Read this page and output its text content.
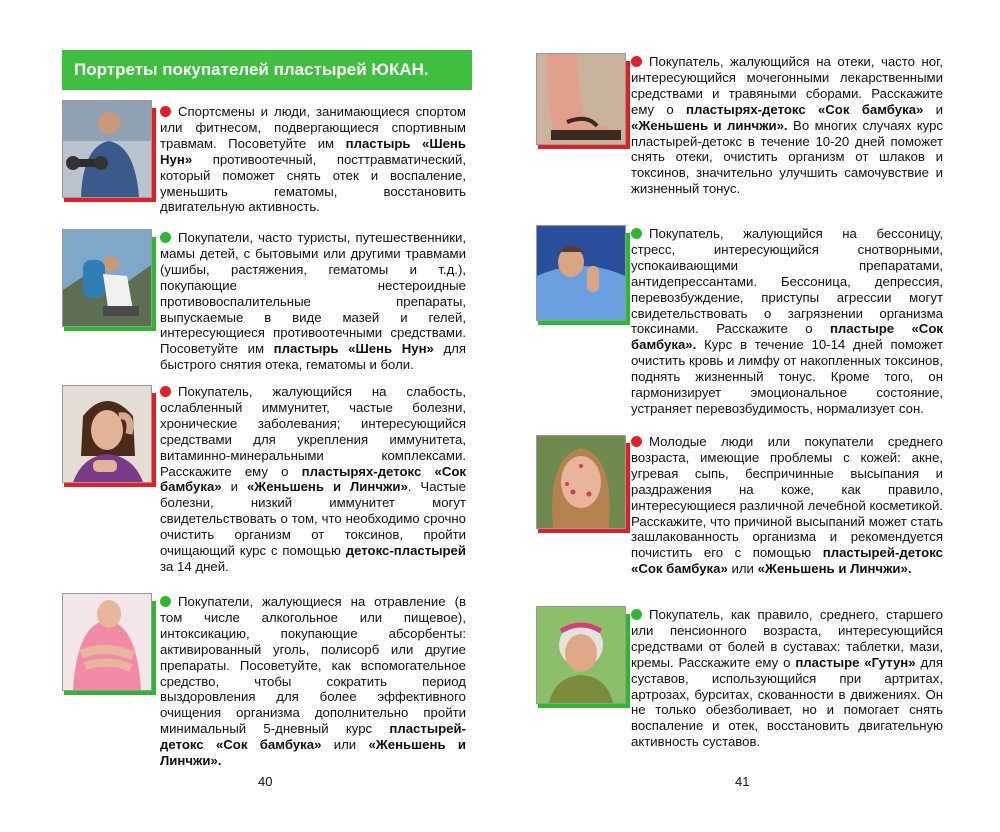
Портреты покупателей пластырей ЮКАН.
Спортсмены и люди, занимающиеся спортом или фитнесом, подвергающиеся спортивным травмам. Посоветуйте им пластырь «Шень Нун» противоотечный, посттравматический, который поможет снять отек и воспаление, уменьшить гематомы, восстановить двигательную активность.
Покупатели, часто туристы, путешественники, мамы детей, с бытовыми или другими травмами (ушибы, растяжения, гематомы и т.д.), покупающие нестероидные противовоспалительные препараты, выпускаемые в виде мазей и гелей, интересующиеся противоотечными средствами. Посоветуйте им пластырь «Шень Нун» для быстрого снятия отека, гематомы и боли.
Покупатель, жалующийся на слабость, ослабленный иммунитет, частые болезни, хронические заболевания; интересующийся средствами для укрепления иммунитета, витаминно-минеральными комплексами. Расскажите ему о пластырях-детокс «Сок бамбука» и «Женьшень и Линчжи». Частые болезни, низкий иммунитет могут свидетельствовать о том, что необходимо срочно очистить организм от токсинов, пройти очищающий курс с помощью детокс-пластырей за 14 дней.
Покупатели, жалующиеся на отравление (в том числе алкогольное или пищевое), интоксикацию, покупающие абсорбенты: активированный уголь, полисорб или другие препараты. Посоветуйте, как вспомогательное средство, чтобы сократить период выздоровления для более эффективного очищения организма дополнительно пройти минимальный 5-дневный курс пластырей-детокс «Сок бамбука» или «Женьшень и Линчжи».
40
Покупатель, жалующийся на отеки, часто ног, интересующийся мочегонными лекарственными средствами и травяными сборами. Расскажите ему о пластырях-детокс «Сок бамбука» и «Женьшень и линчжи». Во многих случаях курс пластырей-детокс в течение 10-20 дней поможет снять отеки, очистить организм от шлаков и токсинов, значительно улучшить самочувствие и жизненный тонус.
Покупатель, жалующийся на бессоницу, стресс, интересующийся снотворными, успокаивающими препаратами, антидепрессантами. Бессоница, депрессия, перевозбуждение, приступы агрессии могут свидетельствовать о загрязнении организма токсинами. Расскажите о пластыре «Сок бамбука». Курс в течение 10-14 дней поможет очистить кровь и лимфу от накопленных токсинов, поднять жизненный тонус. Кроме того, он гармонизирует эмоциональное состояние, устраняет перевозбудимость, нормализует сон.
Молодые люди или покупатели среднего возраста, имеющие проблемы с кожей: акне, угревая сыпь, беспричинные высыпания и раздражения на коже, как правило, интересующиеся различной лечебной косметикой. Расскажите, что причиной высыпаний может стать зашлакованность организма и рекомендуется почистить его с помощью пластырей-детокс «Сок бамбука» или «Женьшень и Линчжи».
Покупатель, как правило, среднего, старшего или пенсионного возраста, интересующийся средствами от болей в суставах: таблетки, мази, кремы. Расскажите ему о пластыре «Гутун» для суставов, использующийся при артритах, артрозах, бурситах, скованности в движениях. Он не только обезболивает, но и помогает снять воспаление и отек, восстановить двигательную активность суставов.
41
